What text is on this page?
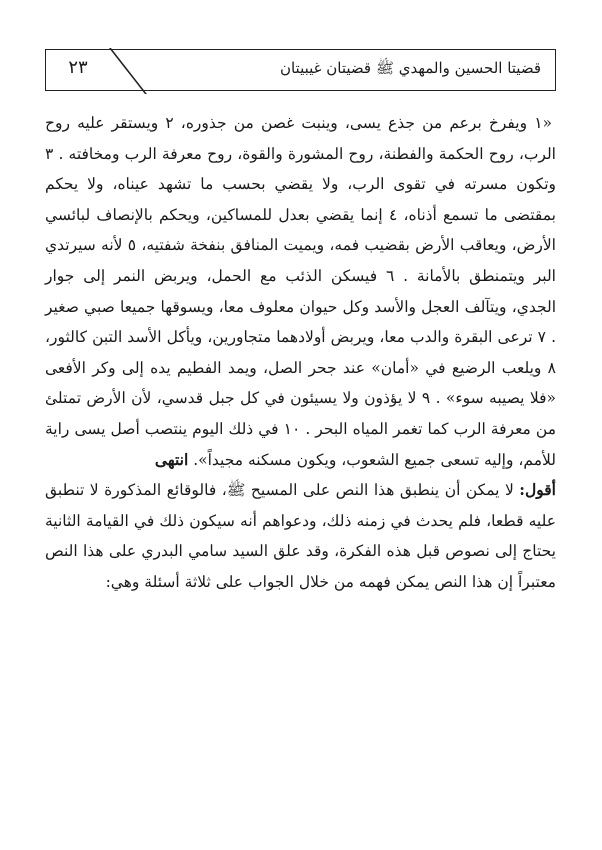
٢٣	قضيتا الحسين والمهدي ﷺ قضيتان غيبيتان

«١ ويفرخ برعم من جذع يسى، وينبت غصن من جذوره، ٢ ويستقر عليه روح الرب، روح الحكمة والفطنة، روح المشورة والقوة، روح معرفة الرب ومخافته . ٣ وتكون مسرته في تقوى الرب، ولا يقضي بحسب ما تشهد عيناه، ولا يحكم بمقتضى ما تسمع أذناه، ٤ إنما يقضي بعدل للمساكين، ويحكم بالإنصاف لبائسي الأرض، ويعاقب الأرض بقضيب فمه، ويميت المنافق بنفخة شفتيه، ٥ لأنه سيرتدي البر ويتمنطق بالأمانة . ٦ فيسكن الذئب مع الحمل، ويربض النمر إلى جوار الجدي، ويتآلف العجل والأسد وكل حيوان معلوف معا، ويسوقها جميعا صبي صغير . ٧ ترعى البقرة والدب معا، ويربض أولادهما متجاورين، ويأكل الأسد التبن كالثور، ٨ ويلعب الرضيع في «أمان» عند جحر الصل، ويمد الفطيم يده إلى وكر الأفعى «فلا يصيبه سوء» . ٩ لا يؤذون ولا يسيئون في كل جبل قدسي، لأن الأرض تمتلئ من معرفة الرب كما تغمر المياه البحر . ١٠ في ذلك اليوم ينتصب أصل يسى راية للأمم، وإليه تسعى جميع الشعوب، ويكون مسكنه مجيداً». انتهى

أقول: لا يمكن أن ينطبق هذا النص على المسيح ﷺ، فالوقائع المذكورة لا تنطبق عليه قطعا، فلم يحدث في زمنه ذلك، ودعواهم أنه سيكون ذلك في القيامة الثانية يحتاج إلى نصوص قبل هذه الفكرة، وقد علق السيد سامي البدري على هذا النص معتبراً إن هذا النص يمكن فهمه من خلال الجواب على ثلاثة أسئلة وهي:
